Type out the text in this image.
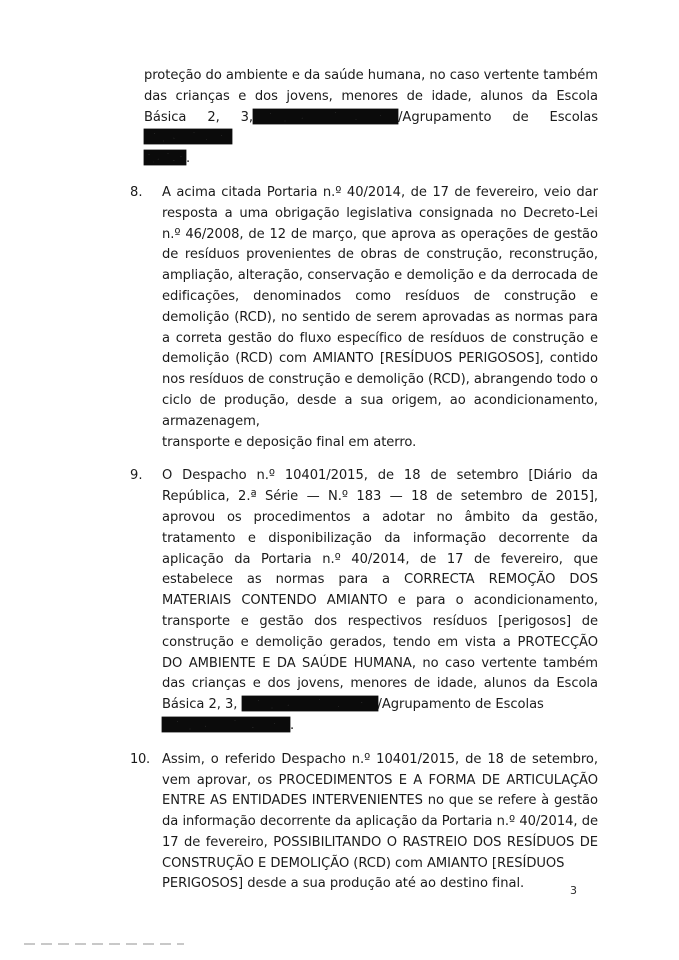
proteção do ambiente e da saúde humana, no caso vertente também das crianças e dos jovens, menores de idade, alunos da Escola Básica 2, 3,	/Agrupamento de Escolas
.

8.	A acima citada Portaria n.º 40/2014, de 17 de fevereiro, veio dar resposta a uma obrigação legislativa consignada no Decreto-Lei n.º 46/2008, de 12 de março, que aprova as operações de gestão de resíduos provenientes de obras de construção, reconstrução, ampliação, alteração, conservação e demolição e da derrocada de edificações, denominados como resíduos de construção e demolição (RCD), no sentido de serem aprovadas as normas para a correta gestão do fluxo específico de resíduos de construção e demolição (RCD) com AMIANTO [RESÍDUOS PERIGOSOS], contido nos resíduos de construção e demolição (RCD), abrangendo todo o ciclo de produção, desde a sua origem, ao acondicionamento, armazenagem,
transporte e deposição final em aterro.
9.	O Despacho n.º 10401/2015, de 18 de setembro [Diário da República, 2.ª Série — N.º 183 — 18 de setembro de 2015], aprovou os procedimentos a adotar no âmbito da gestão, tratamento e disponibilização da informação decorrente da aplicação da Portaria n.º 40/2014, de 17 de fevereiro, que estabelece as normas para a CORRECTA REMOÇÃO DOS MATERIAIS CONTENDO AMIANTO e para o acondicionamento, transporte e gestão dos respectivos resíduos [perigosos] de construção e demolição gerados, tendo em vista a PROTECÇÃO DO AMBIENTE E DA SAÚDE HUMANA, no caso vertente também das crianças e dos jovens, menores de idade, alunos da Escola Básica 2, 3,	/Agrupamento de Escolas
.
10. Assim, o referido Despacho n.º 10401/2015, de 18 de setembro, vem aprovar, os PROCEDIMENTOS E A FORMA DE ARTICULAÇÃO ENTRE AS ENTIDADES INTERVENIENTES no que se refere à gestão da informação decorrente da aplicação da Portaria n.º 40/2014, de 17 de fevereiro, POSSIBILITANDO O RASTREIO DOS RESÍDUOS DE CONSTRUÇÃO E DEMOLIÇÃO (RCD) com AMIANTO [RESÍDUOS
PERIGOSOS] desde a sua produção até ao destino final.	3
